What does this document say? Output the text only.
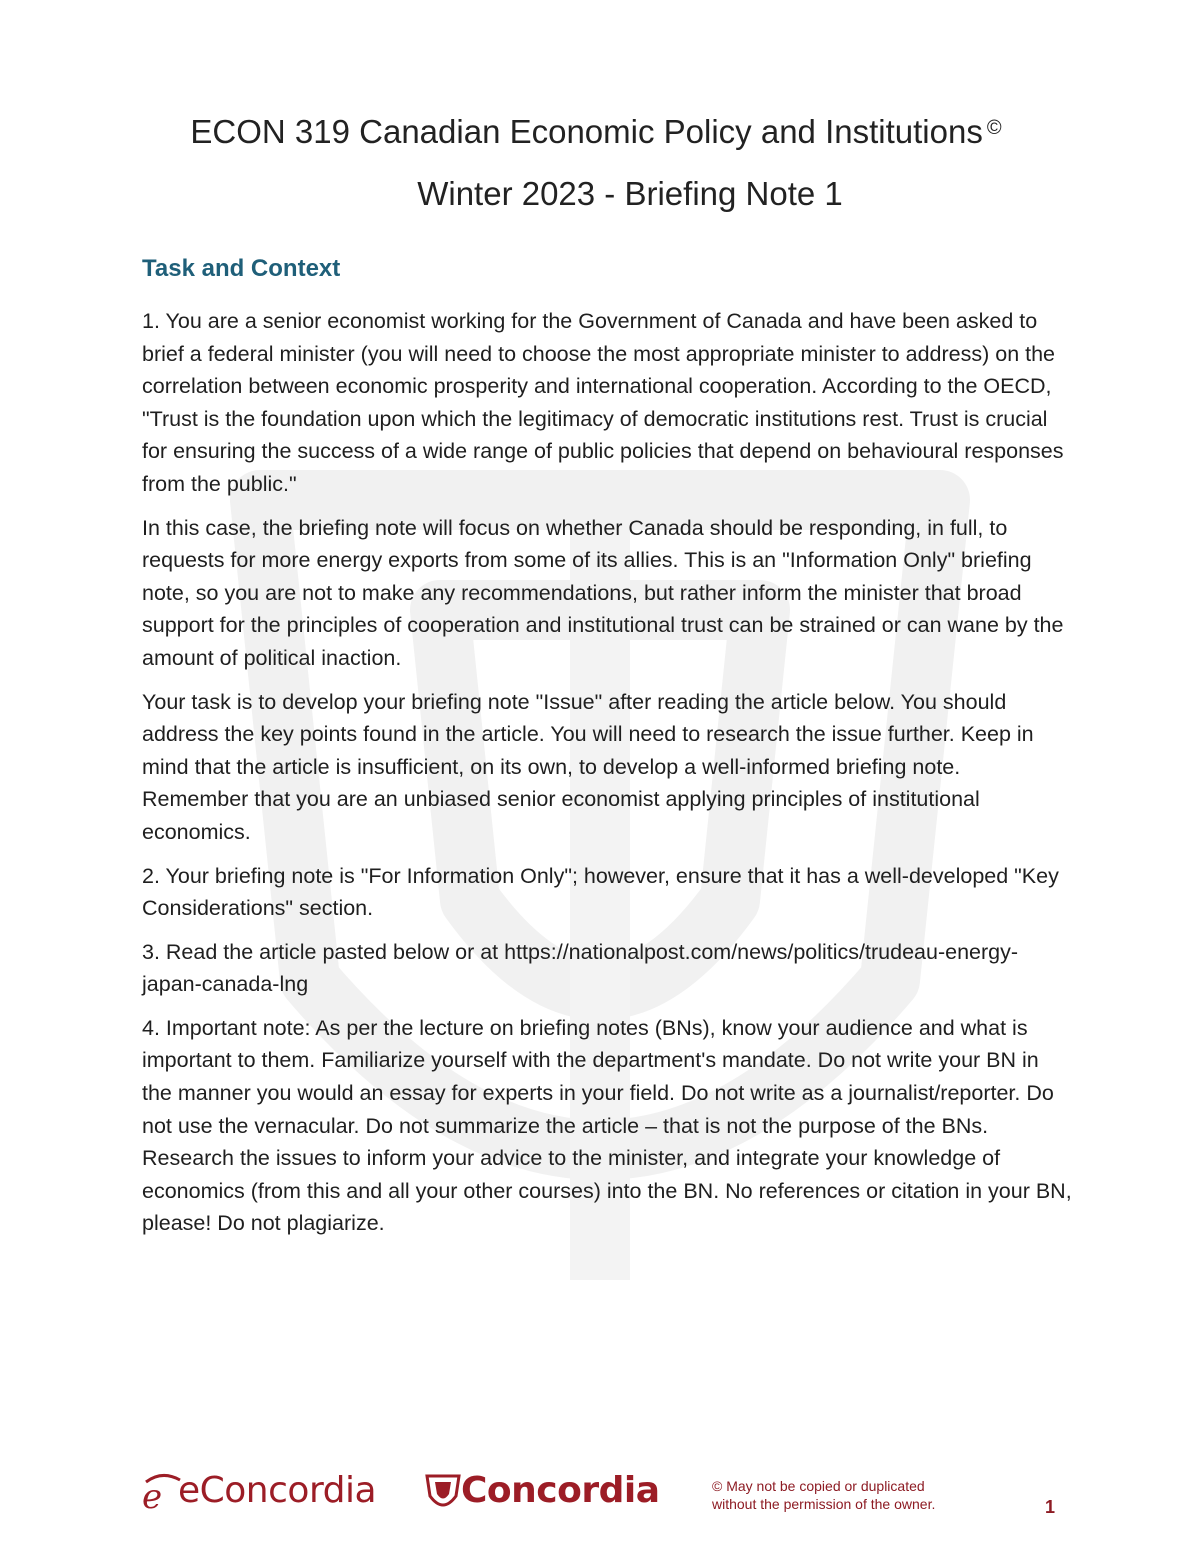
ECON 319 Canadian Economic Policy and Institutions ©
Winter 2023 - Briefing Note 1
Task and Context

1. You are a senior economist working for the Government of Canada and have been asked to brief a federal minister (you will need to choose the most appropriate minister to address) on the correlation between economic prosperity and international cooperation. According to the OECD, "Trust is the foundation upon which the legitimacy of democratic institutions rest. Trust is crucial for ensuring the success of a wide range of public policies that depend on behavioural responses from the public."

In this case, the briefing note will focus on whether Canada should be responding, in full, to requests for more energy exports from some of its allies. This is an "Information Only" briefing note, so you are not to make any recommendations, but rather inform the minister that broad support for the principles of cooperation and institutional trust can be strained or can wane by the amount of political inaction.

Your task is to develop your briefing note "Issue" after reading the article below. You should address the key points found in the article. You will need to research the issue further. Keep in mind that the article is insufficient, on its own, to develop a well-informed briefing note. Remember that you are an unbiased senior economist applying principles of institutional economics.

2. Your briefing note is "For Information Only"; however, ensure that it has a well-developed "Key Considerations" section.

3. Read the article pasted below or at https://nationalpost.com/news/politics/trudeau-energy-japan-canada-lng

4. Important note: As per the lecture on briefing notes (BNs), know your audience and what is important to them. Familiarize yourself with the department's mandate. Do not write your BN in the manner you would an essay for experts in your field. Do not write as a journalist/reporter. Do not use the vernacular. Do not summarize the article – that is not the purpose of the BNs. Research the issues to inform your advice to the minister, and integrate your knowledge of economics (from this and all your other courses) into the BN. No references or citation in your BN, please! Do not plagiarize.

e eConcordia Concordia	© May not be copied or duplicated
without the permission of the owner.	1
